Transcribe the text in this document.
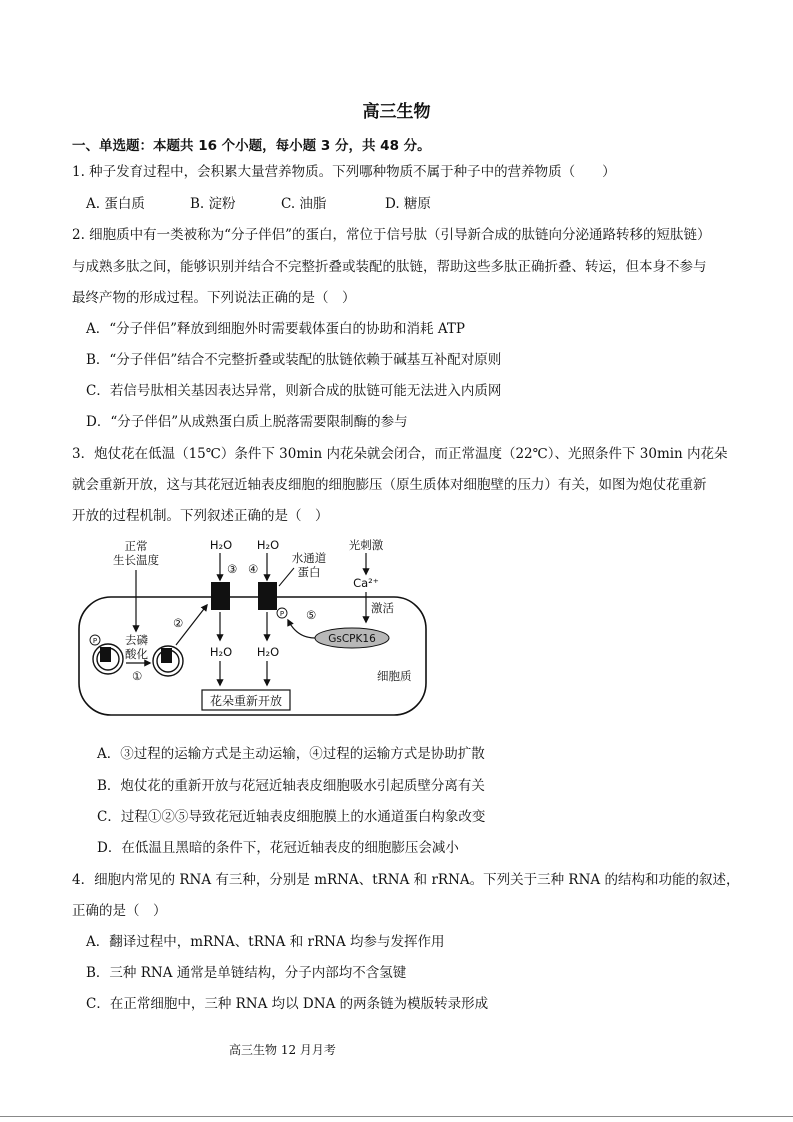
高三生物
一、单选题：本题共 16 个小题，每小题 3 分，共 48 分。
1. 种子发育过程中，会积累大量营养物质。下列哪种物质不属于种子中的营养物质（　　）
A. 蛋白质	B. 淀粉	C. 油脂	D. 糖原
2. 细胞质中有一类被称为“分子伴侣”的蛋白，常位于信号肽（引导新合成的肽链向分泌通路转移的短肽链）
与成熟多肽之间，能够识别并结合不完整折叠或装配的肽链，帮助这些多肽正确折叠、转运，但本身不参与
最终产物的形成过程。下列说法正确的是（　）
A．“分子伴侣”释放到细胞外时需要载体蛋白的协助和消耗 ATP
B．“分子伴侣”结合不完整折叠或装配的肽链依赖于碱基互补配对原则
C．若信号肽相关基因表达异常，则新合成的肽链可能无法进入内质网
D．“分子伴侣”从成熟蛋白质上脱落需要限制酶的参与
3．炮仗花在低温（15℃）条件下 30min 内花朵就会闭合，而正常温度（22℃）、光照条件下 30min 内花朵
就会重新开放，这与其花冠近轴表皮细胞的细胞膨压（原生质体对细胞壁的压力）有关，如图为炮仗花重新
开放的过程机制。下列叙述正确的是（　）
正常
生长温度
P 去磷
酸化
①
②
H₂O H₂O
③ ④
H₂O H₂O
花朵重新开放
水通道
蛋白
P ⑤
光刺激
Ca²⁺
激活
GsCPK16
细胞质
A．③过程的运输方式是主动运输，④过程的运输方式是协助扩散
B．炮仗花的重新开放与花冠近轴表皮细胞吸水引起质壁分离有关
C．过程①②⑤导致花冠近轴表皮细胞膜上的水通道蛋白构象改变
D．在低温且黑暗的条件下，花冠近轴表皮的细胞膨压会减小
4．细胞内常见的 RNA 有三种，分别是 mRNA、tRNA 和 rRNA。下列关于三种 RNA 的结构和功能的叙述，
正确的是（　）
A．翻译过程中，mRNA、tRNA 和 rRNA 均参与发挥作用
B．三种 RNA 通常是单链结构，分子内部均不含氢键
C．在正常细胞中，三种 RNA 均以 DNA 的两条链为模版转录形成
高三生物 12 月月考
